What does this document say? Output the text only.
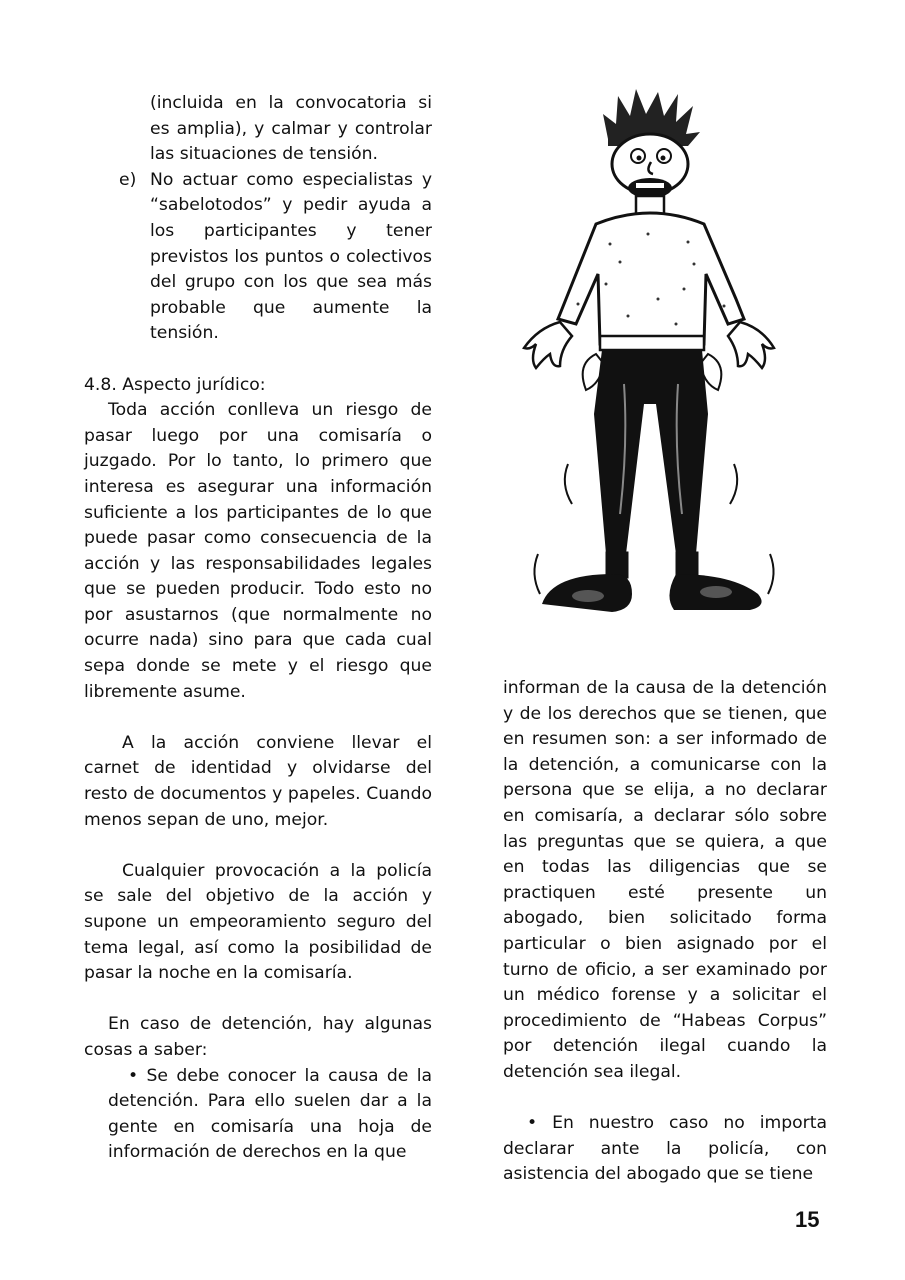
(incluida en la convocatoria si es amplia), y calmar y controlar las situaciones de tensión.

e) No actuar como especialistas y “sabelotodos” y pedir ayuda a los participantes y tener previstos los puntos o colectivos del grupo con los que sea más probable que aumente la tensión.

4.8. Aspecto jurídico:

Toda acción conlleva un riesgo de pasar luego por una comisaría o juzgado. Por lo tanto, lo primero que interesa es asegurar una información suficiente a los participantes de lo que puede pasar como consecuencia de la acción y las responsabilidades legales que se pueden producir. Todo esto no por asustarnos (que normalmente no ocurre nada) sino para que cada cual sepa donde se mete y el riesgo que libremente asume.

A la acción conviene llevar el carnet de identidad y olvidarse del resto de documentos y papeles. Cuando menos sepan de uno, mejor.

Cualquier provocación a la policía se sale del objetivo de la acción y supone un empeoramiento seguro del tema legal, así como la posibilidad de pasar la noche en la comisaría.

En caso de detención, hay algunas cosas a saber:

• Se debe conocer la causa de la detención. Para ello suelen dar a la gente en comisaría una hoja de información de derechos en la que

informan de la causa de la detención y de los derechos que se tienen, que en resumen son: a ser informado de la detención, a comunicarse con la persona que se elija, a no declarar en comisaría, a declarar sólo sobre las preguntas que se quiera, a que en todas las diligencias que se practiquen esté presente un abogado, bien solicitado forma particular o bien asignado por el turno de oficio, a ser examinado por un médico forense y a solicitar el procedimiento de “Habeas Corpus” por detención ilegal cuando la detención sea ilegal.

• En nuestro caso no importa declarar ante la policía, con asistencia del abogado que se tiene

15
